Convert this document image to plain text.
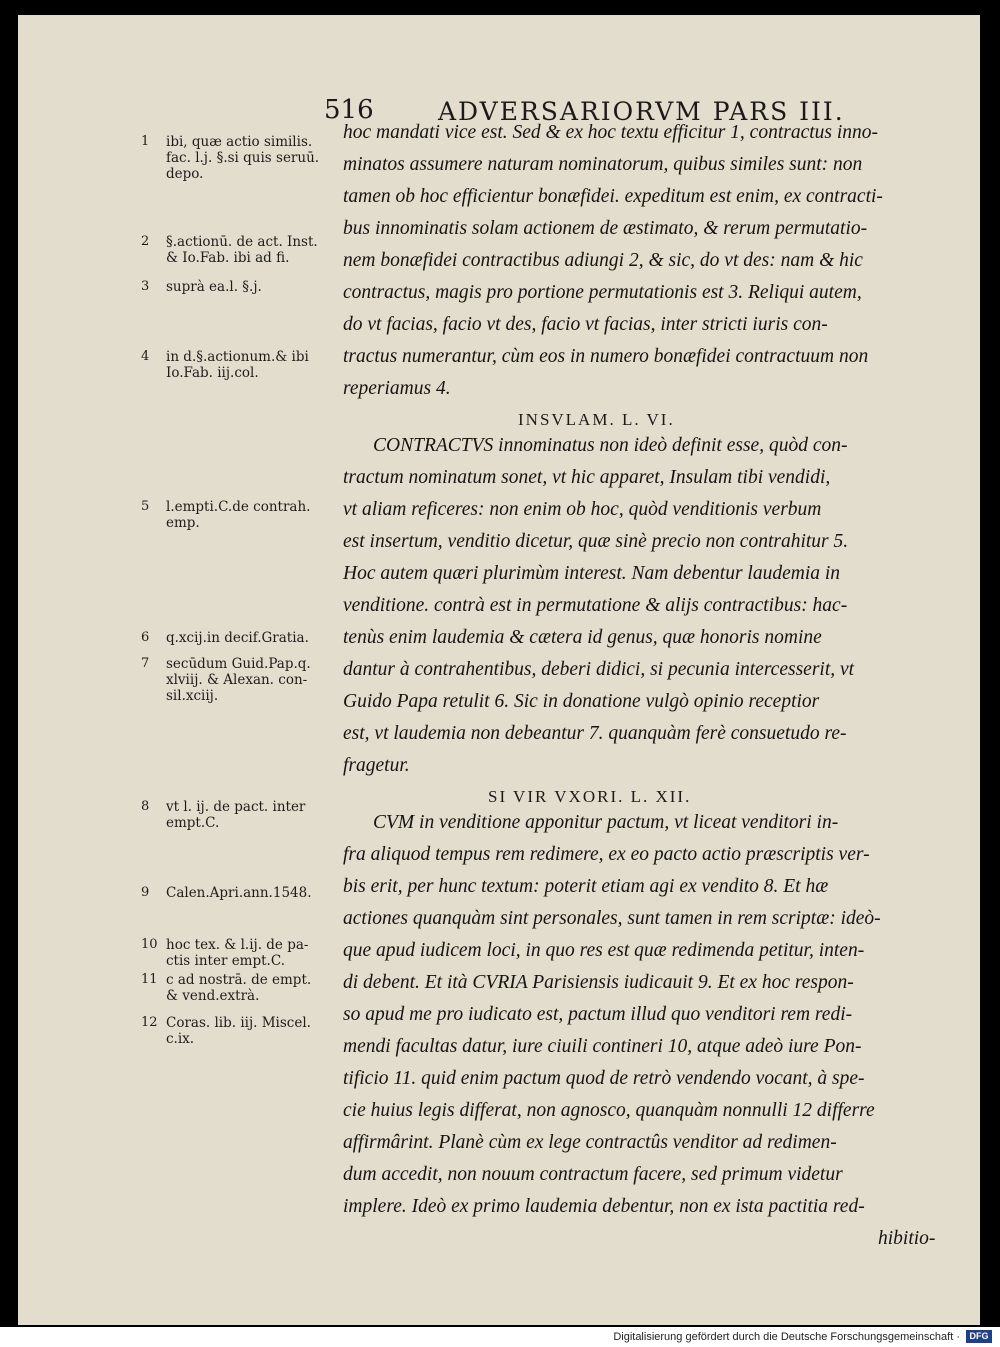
516	ADVERSARIORVM PARS III.
1 ibi, quæ actio similis.
fac. l.j. §.si quis seruū.
depo.
2 §.actionū. de act. Inst.
& Io.Fab. ibi ad fi.
3 suprà ea.l. §.j.
4 in d.§.actionum.& ibi
Io.Fab. iij.col.
5 l.empti.C.de contrah.
emp.
6 q.xcij.in decif.Gratia.
7 secūdum Guid.Pap.q.
xlviij. & Alexan. con-
sil.xciij.
8 vt l. ij. de pact. inter
empt.C.
9 Calen.Apri.ann.1548.
10 hoc tex. & l.ij. de pa-
ctis inter empt.C.
11 c ad nostrā. de empt.
& vend.extrà.
12 Coras. lib. iij. Miscel.
c.ix.
hoc mandati vice est. Sed & ex hoc textu efficitur 1, contractus inno-
minatos assumere naturam nominatorum, quibus similes sunt: non
tamen ob hoc efficientur bonæfidei. expeditum est enim, ex contracti-
bus innominatis solam actionem de æstimato, & rerum permutatio-
nem bonæfidei contractibus adiungi 2, & sic, do vt des: nam & hic
contractus, magis pro portione permutationis est 3. Reliqui autem,
do vt facias, facio vt des, facio vt facias, inter stricti iuris con-
tractus numerantur, cùm eos in numero bonæfidei contractuum non
reperiamus 4.
INSVLAM. L. VI.
CONTRACTVS innominatus non ideò definit esse, quòd con-
tractum nominatum sonet, vt hic apparet, Insulam tibi vendidi,
vt aliam reficeres: non enim ob hoc, quòd venditionis verbum
est insertum, venditio dicetur, quæ sinè precio non contrahitur 5.
Hoc autem quæri plurimùm interest. Nam debentur laudemia in
venditione. contrà est in permutatione & alijs contractibus: hac-
tenùs enim laudemia & cætera id genus, quæ honoris nomine
dantur à contrahentibus, deberi didici, si pecunia intercesserit, vt
Guido Papa retulit 6. Sic in donatione vulgò opinio receptior
est, vt laudemia non debeantur 7. quanquàm ferè consuetudo re-
fragetur.
SI VIR VXORI. L. XII.
CVM in venditione apponitur pactum, vt liceat venditori in-
fra aliquod tempus rem redimere, ex eo pacto actio præscriptis ver-
bis erit, per hunc textum: poterit etiam agi ex vendito 8. Et hæ
actiones quanquàm sint personales, sunt tamen in rem scriptæ: ideò-
que apud iudicem loci, in quo res est quæ redimenda petitur, inten-
di debent. Et ità CVRIA Parisiensis iudicauit 9. Et ex hoc respon-
so apud me pro iudicato est, pactum illud quo venditori rem redi-
mendi facultas datur, iure ciuili contineri 10, atque adeò iure Pon-
tificio 11. quid enim pactum quod de retrò vendendo vocant, à spe-
cie huius legis differat, non agnosco, quanquàm nonnulli 12 differre
affirmârint. Planè cùm ex lege contractûs venditor ad redimen-
dum accedit, non nouum contractum facere, sed primum videtur
implere. Ideò ex primo laudemia debentur, non ex ista pactitia red-
hibitio-
Digitalisierung gefördert durch die Deutsche Forschungsgemeinschaft ·	DFG
